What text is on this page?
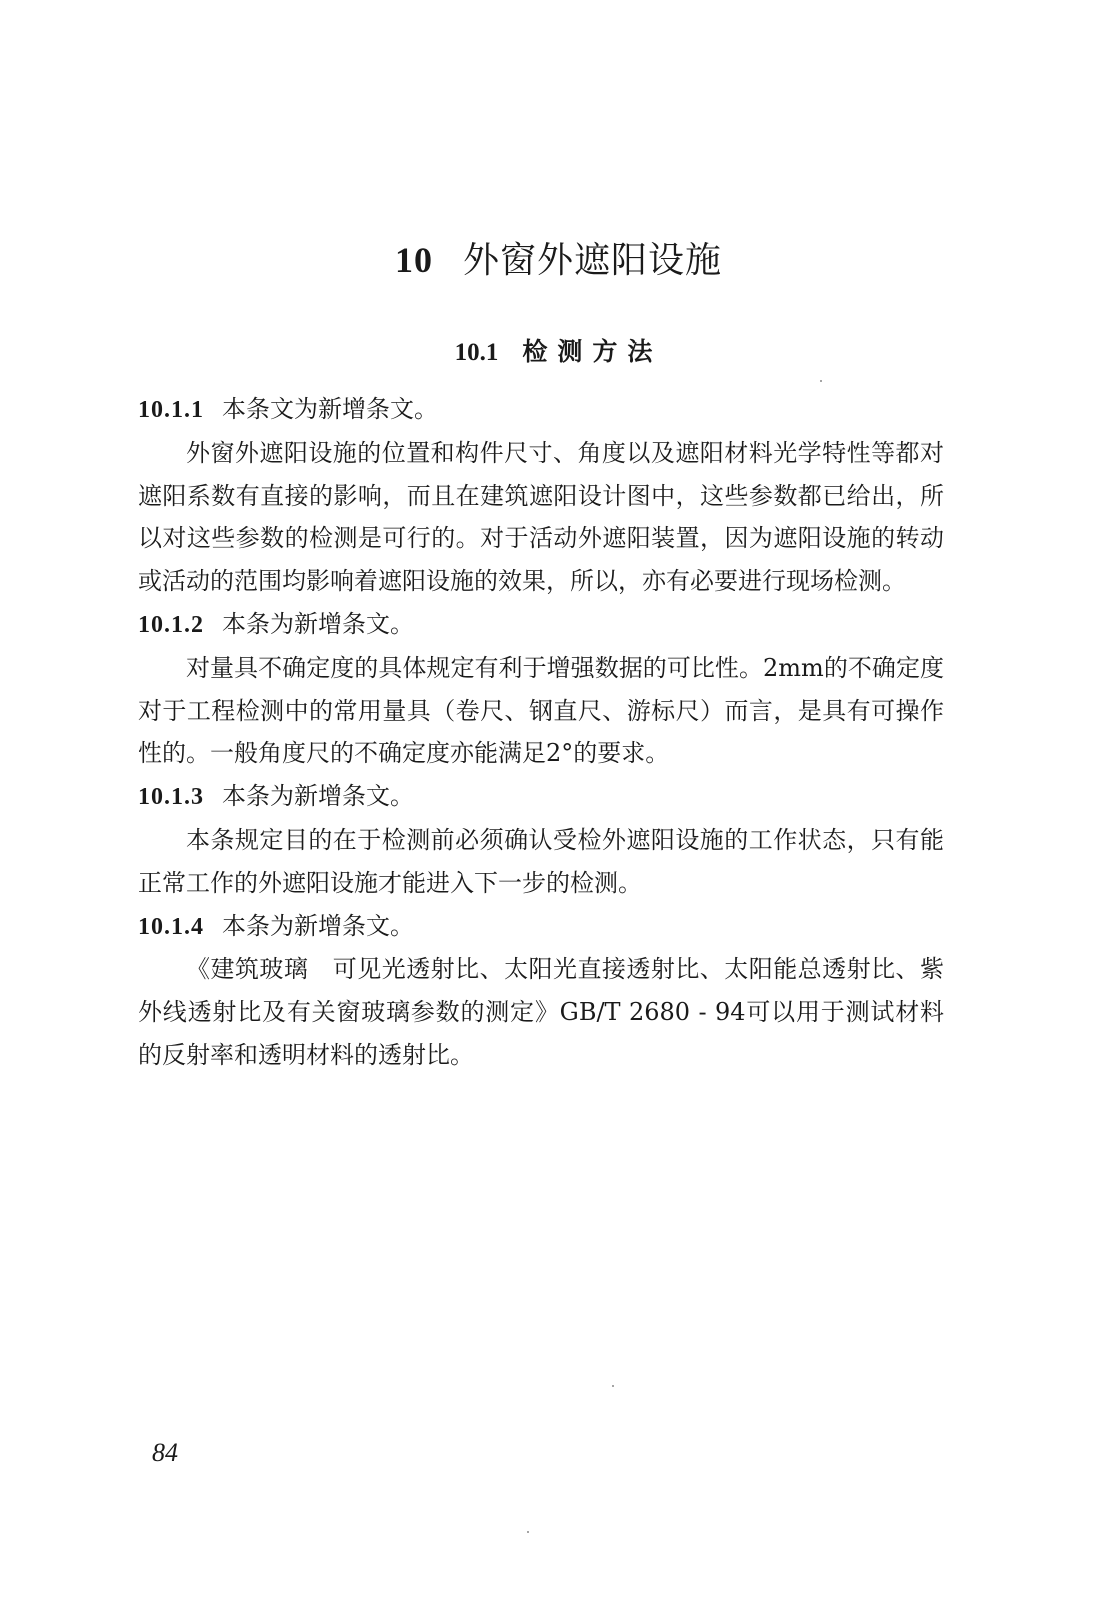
10 外窗外遮阳设施
10.1 检测方法

10.1.1 本条文为新增条文。

外窗外遮阳设施的位置和构件尺寸、角度以及遮阳材料光学特性等都对遮阳系数有直接的影响，而且在建筑遮阳设计图中，这些参数都已给出，所以对这些参数的检测是可行的。对于活动外遮阳装置，因为遮阳设施的转动或活动的范围均影响着遮阳设施的效果，所以，亦有必要进行现场检测。

10.1.2 本条为新增条文。

对量具不确定度的具体规定有利于增强数据的可比性。2mm的不确定度对于工程检测中的常用量具（卷尺、钢直尺、游标尺）而言，是具有可操作性的。一般角度尺的不确定度亦能满足2°的要求。

10.1.3 本条为新增条文。

本条规定目的在于检测前必须确认受检外遮阳设施的工作状态，只有能正常工作的外遮阳设施才能进入下一步的检测。

10.1.4 本条为新增条文。

《建筑玻璃　可见光透射比、太阳光直接透射比、太阳能总透射比、紫外线透射比及有关窗玻璃参数的测定》GB/T 2680 - 94可以用于测试材料的反射率和透明材料的透射比。

84
